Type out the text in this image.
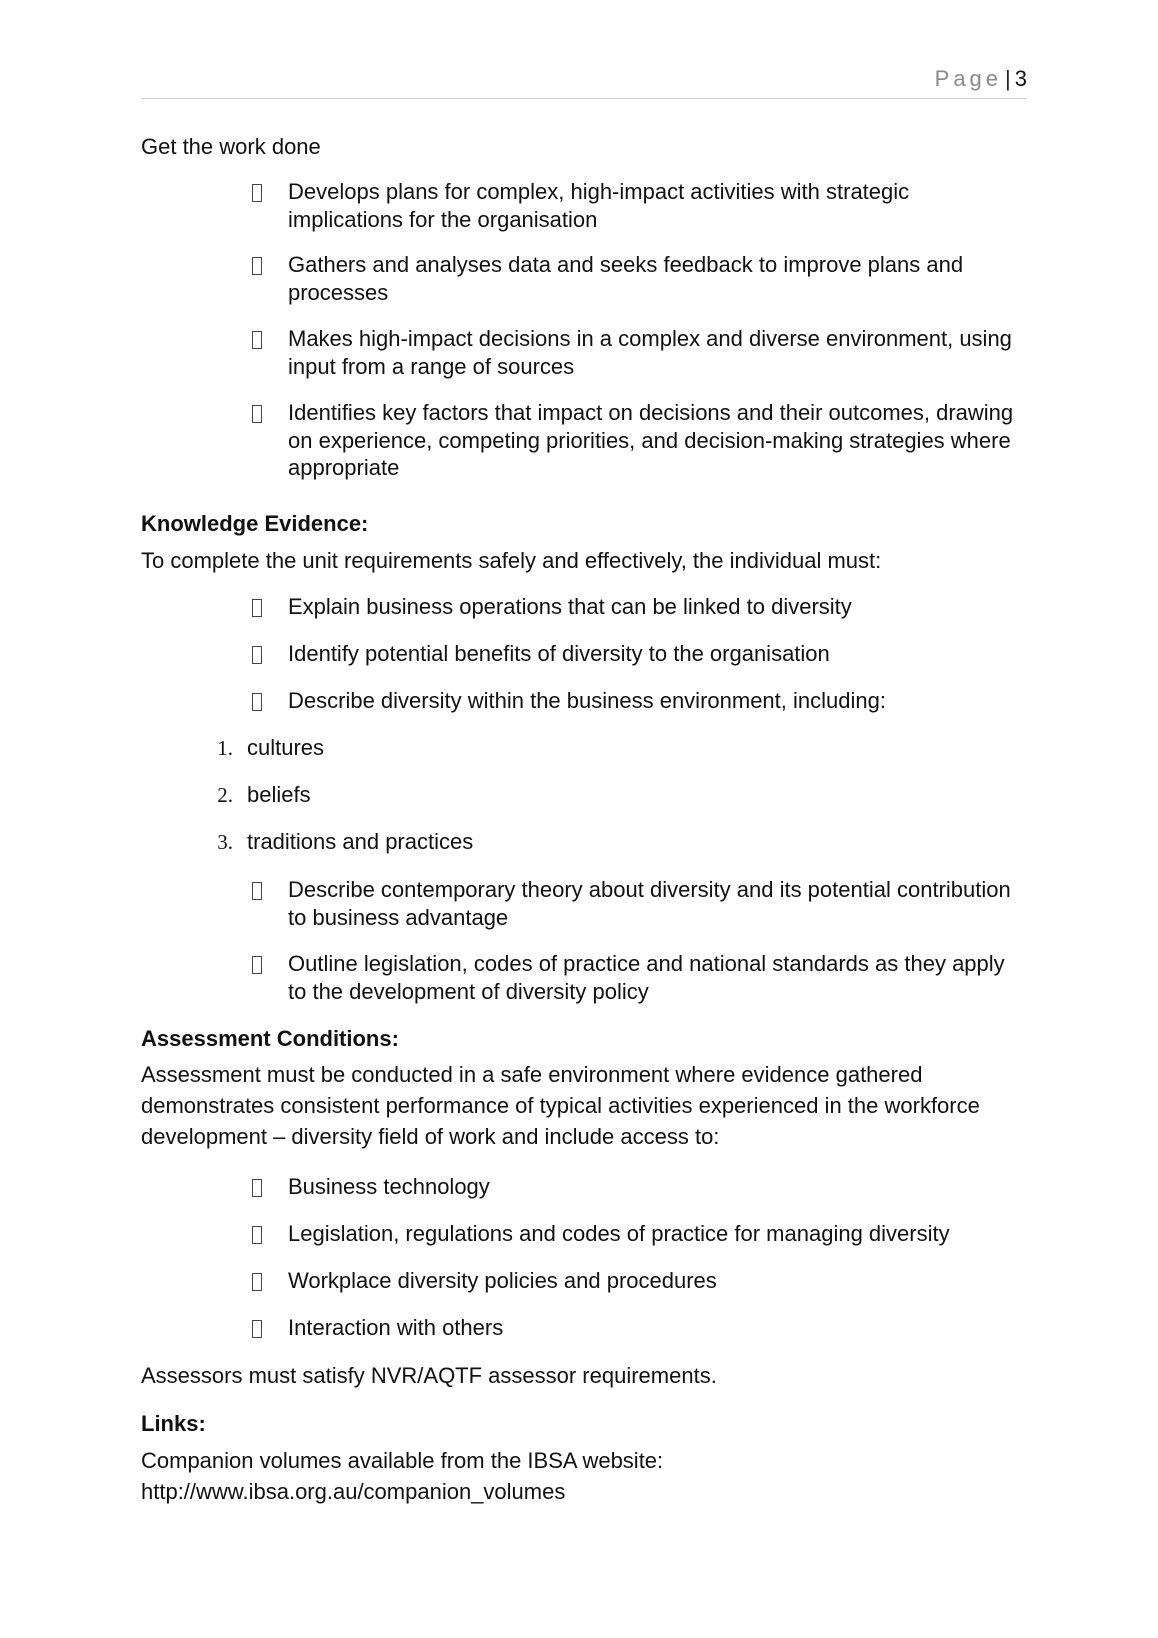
Page | 3

Get the work done

Develops plans for complex, high-impact activities with strategic implications for the organisation
Gathers and analyses data and seeks feedback to improve plans and processes
Makes high-impact decisions in a complex and diverse environment, using input from a range of sources
Identifies key factors that impact on decisions and their outcomes, drawing on experience, competing priorities, and decision-making strategies where appropriate

Knowledge Evidence:

To complete the unit requirements safely and effectively, the individual must:

Explain business operations that can be linked to diversity
Identify potential benefits of diversity to the organisation
Describe diversity within the business environment, including:
1. cultures
2. beliefs
3. traditions and practices
Describe contemporary theory about diversity and its potential contribution to business advantage
Outline legislation, codes of practice and national standards as they apply to the development of diversity policy

Assessment Conditions:

Assessment must be conducted in a safe environment where evidence gathered demonstrates consistent performance of typical activities experienced in the workforce development – diversity field of work and include access to:

Business technology
Legislation, regulations and codes of practice for managing diversity
Workplace diversity policies and procedures
Interaction with others

Assessors must satisfy NVR/AQTF assessor requirements.

Links:

Companion volumes available from the IBSA website:

http://www.ibsa.org.au/companion_volumes
